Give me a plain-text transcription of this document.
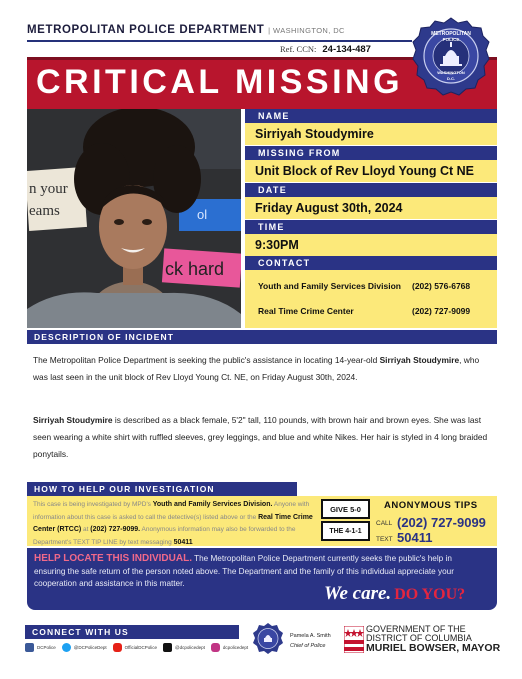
METROPOLITAN POLICE DEPARTMENT | WASHINGTON, DC
Ref. CCN: 24-134-487
CRITICAL MISSING
METROPOLITAN
POLICE
WASHINGTON
D.C.
n your
eams	ol
ck hard
NAME
Sirriyah Stoudymire
MISSING FROM
Unit Block of Rev Lloyd Young Ct NE
DATE
Friday August 30th, 2024
TIME
9:30PM
CONTACT
Youth and Family Services Division (202) 576-6768
Real Time Crime Center	(202) 727-9099
DESCRIPTION OF INCIDENT
The Metropolitan Police Department is seeking the public's assistance in locating 14-year-old Sirriyah Stoudymire, who was last seen in the unit block of Rev Lloyd Young Ct. NE, on Friday August 30th, 2024.
Sirriyah Stoudymire is described as a black female, 5'2" tall, 110 pounds, with brown hair and brown eyes. She was last seen wearing a white shirt with ruffled sleeves, grey leggings, and blue and white Nikes. Her hair is styled in 4 long braided ponytails.
HOW TO HELP OUR INVESTIGATION
This case is being investigated by MPD's Youth and Family Services Division. Anyone with information about this case is asked to call the detective(s) listed above or the Real Time Crime Center (RTCC) at (202) 727-9099. Anonymous information may also be forwarded to the Department's TEXT TIP LINE by text messaging 50411
GIVE 5-0
THE 4-1-1
ANONYMOUS TIPS
CALL (202) 727-9099
TEXT 50411
HELP LOCATE THIS INDIVIDUAL. The Metropolitan Police Department currently seeks the public's help in ensuring the safe return of the person noted above. The Department and the family of this individual appreciate your cooperation and assistance in this matter.	We care. DO YOU?
CONNECT WITH US
DCPolice	@DCPoliceDept	OfficialDCPolice	@dcpolicedept	dcpolicedept
Pamela A. Smith
Chief of Police
GOVERNMENT OF THE
DISTRICT OF COLUMBIA
MURIEL BOWSER, MAYOR
